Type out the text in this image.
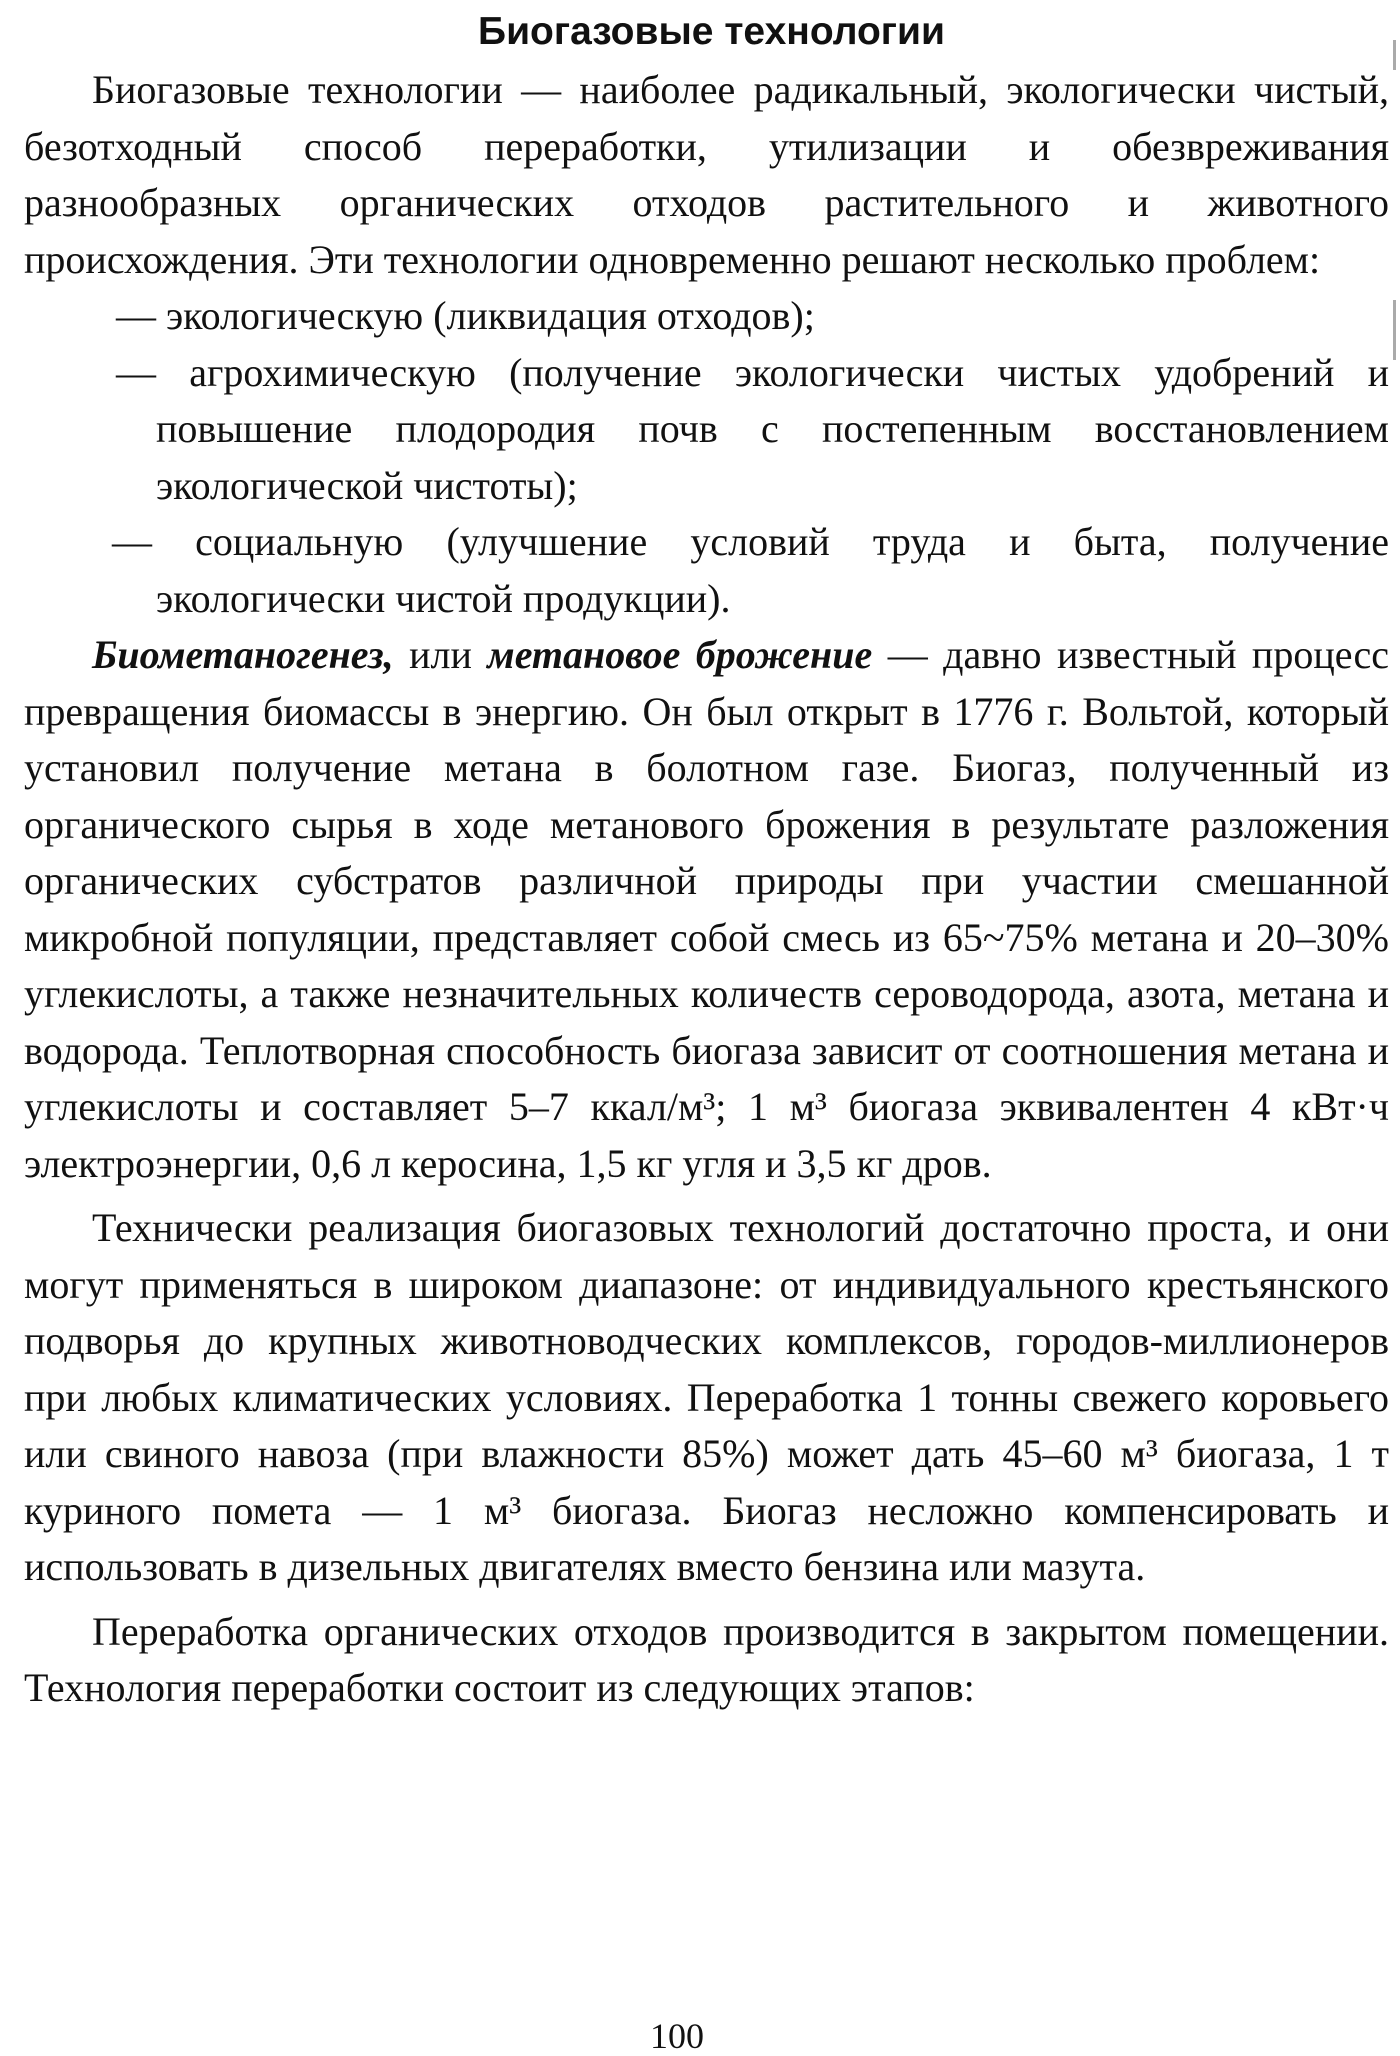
Биогазовые технологии

Биогазовые технологии — наиболее радикальный, экологически чистый, безотходный способ переработки, утилизации и обезвреживания разнообразных органических отходов растительного и животного происхождения. Эти технологии одновременно решают несколько проблем:

— экологическую (ликвидация отходов);

— агрохимическую (получение экологически чистых удобрений и повышение плодородия почв с постепенным восстановлением экологической чистоты);

— социальную (улучшение условий труда и быта, получение экологически чистой продукции).

Биометаногенез, или метановое брожение — давно известный процесс превращения биомассы в энергию. Он был открыт в 1776 г. Вольтой, который установил получение метана в болотном газе. Биогаз, полученный из органического сырья в ходе метанового брожения в результате разложения органических субстратов различной природы при участии смешанной микробной популяции, представляет собой смесь из 65~75% метана и 20–30% углекислоты, а также незначительных количеств сероводорода, азота, метана и водорода. Теплотворная способность биогаза зависит от соотношения метана и углекислоты и составляет 5–7 ккал/м³; 1 м³ биогаза эквивалентен 4 кВт·ч электроэнергии, 0,6 л керосина, 1,5 кг угля и 3,5 кг дров.

Технически реализация биогазовых технологий достаточно проста, и они могут применяться в широком диапазоне: от индивидуального крестьянского подворья до крупных животноводческих комплексов, городов-миллионеров при любых климатических условиях. Переработка 1 тонны свежего коровьего или свиного навоза (при влажности 85%) может дать 45–60 м³ биогаза, 1 т куриного помета — 1 м³ биогаза. Биогаз несложно компенсировать и использовать в дизельных двигателях вместо бензина или мазута.

Переработка органических отходов производится в закрытом помещении. Технология переработки состоит из следующих этапов:

100
